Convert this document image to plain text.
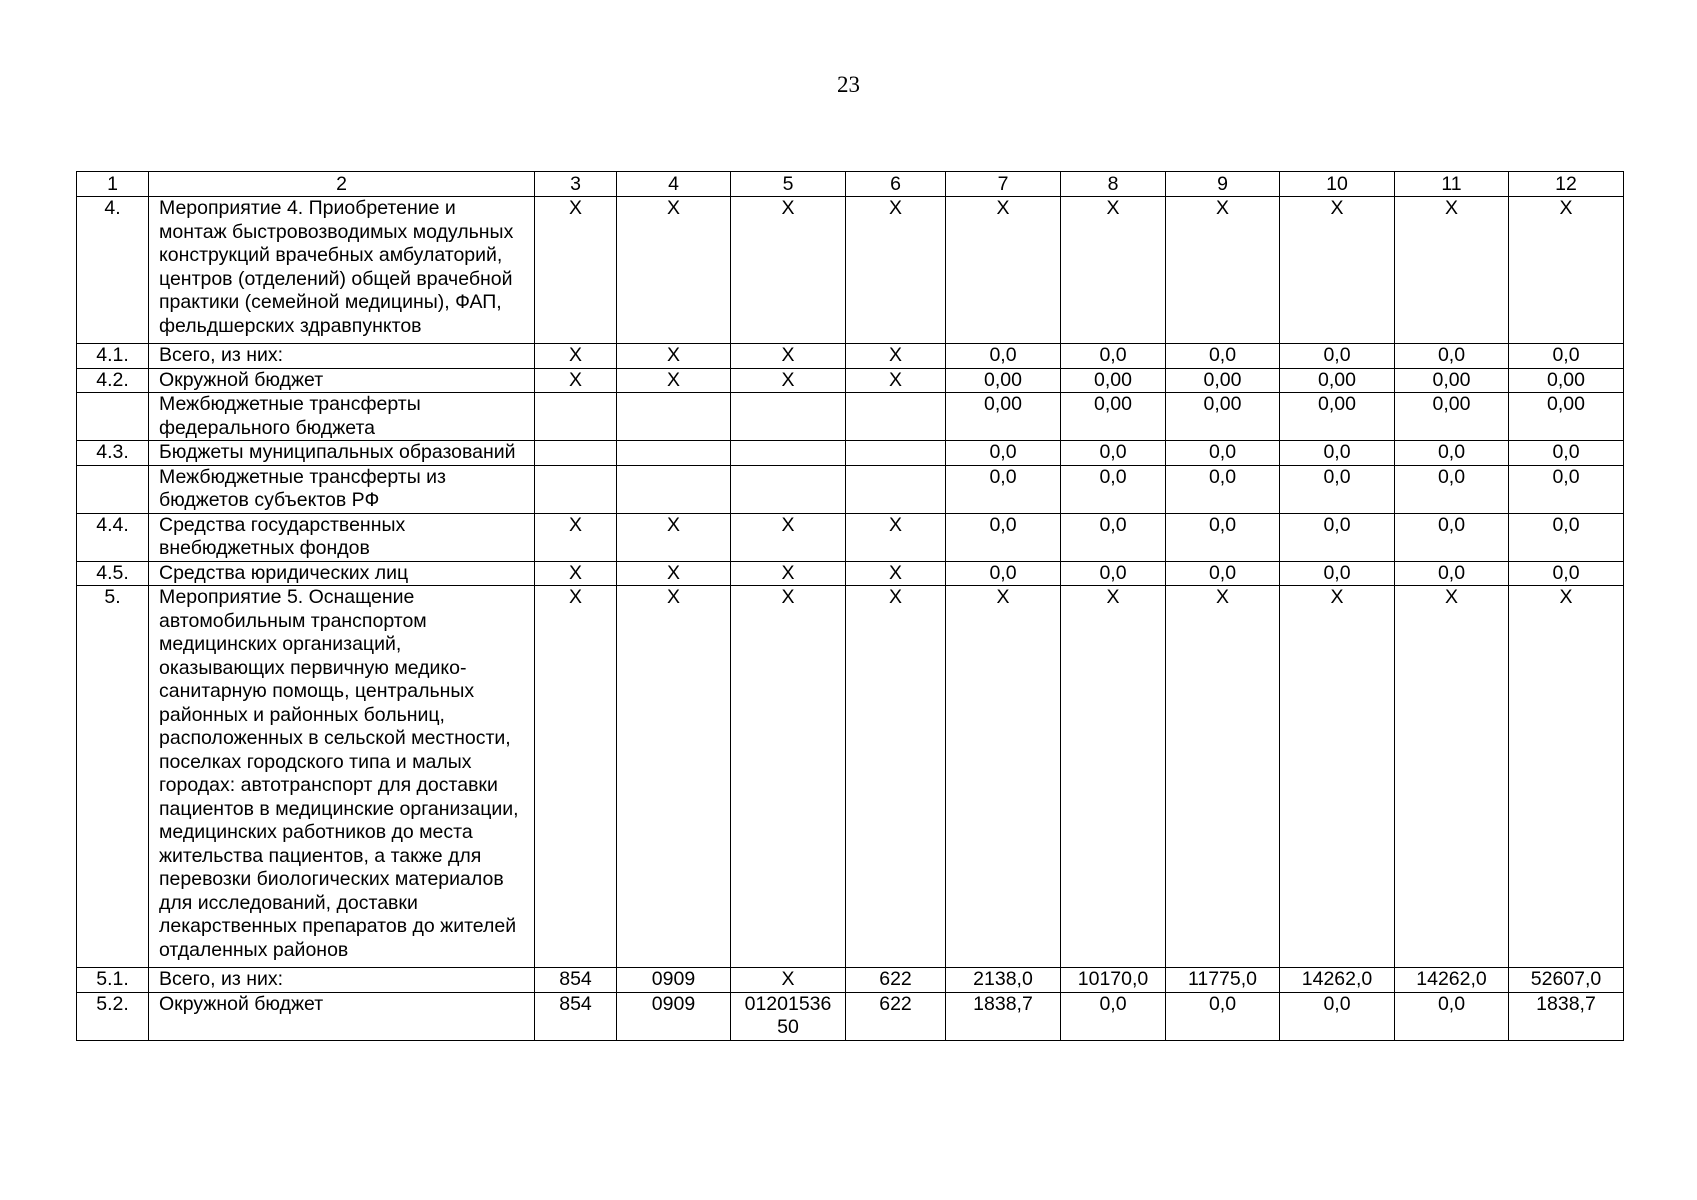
23
1	2	3	4	5	6	7	8	9	10	11	12
4.	Мероприятие 4. Приобретение и монтаж быстровозводимых модульных конструкций врачебных амбулаторий, центров (отделений) общей врачебной практики (семейной медицины), ФАП, фельдшерских здравпунктов	Х	Х	Х	Х	Х	Х	Х	Х	Х	Х
4.1.	Всего, из них:	Х	Х	Х	Х	0,0	0,0	0,0	0,0	0,0	0,0
4.2.	Окружной бюджет	Х	Х	Х	Х	0,00	0,00	0,00	0,00	0,00	0,00
	Межбюджетные трансферты федерального бюджета					0,00	0,00	0,00	0,00	0,00	0,00
4.3.	Бюджеты муниципальных образований					0,0	0,0	0,0	0,0	0,0	0,0
	Межбюджетные трансферты из бюджетов субъектов РФ					0,0	0,0	0,0	0,0	0,0	0,0
4.4.	Средства государственных внебюджетных фондов	Х	Х	Х	Х	0,0	0,0	0,0	0,0	0,0	0,0
4.5.	Средства юридических лиц	Х	Х	Х	Х	0,0	0,0	0,0	0,0	0,0	0,0
5.	Мероприятие 5. Оснащение автомобильным транспортом медицинских организаций, оказывающих первичную медико-санитарную помощь, центральных районных и районных больниц, расположенных в сельской местности, поселках городского типа и малых городах: автотранспорт для доставки пациентов в медицинские организации, медицинских работников до места жительства пациентов, а также для перевозки биологических материалов для исследований, доставки лекарственных препаратов до жителей отдаленных районов	Х	Х	Х	Х	Х	Х	Х	Х	Х	Х
5.1.	Всего, из них:	854	0909	Х	622	2138,0	10170,0	11775,0	14262,0	14262,0	52607,0
5.2.	Окружной бюджет	854	0909	01201536 50	622	1838,7	0,0	0,0	0,0	0,0	1838,7
